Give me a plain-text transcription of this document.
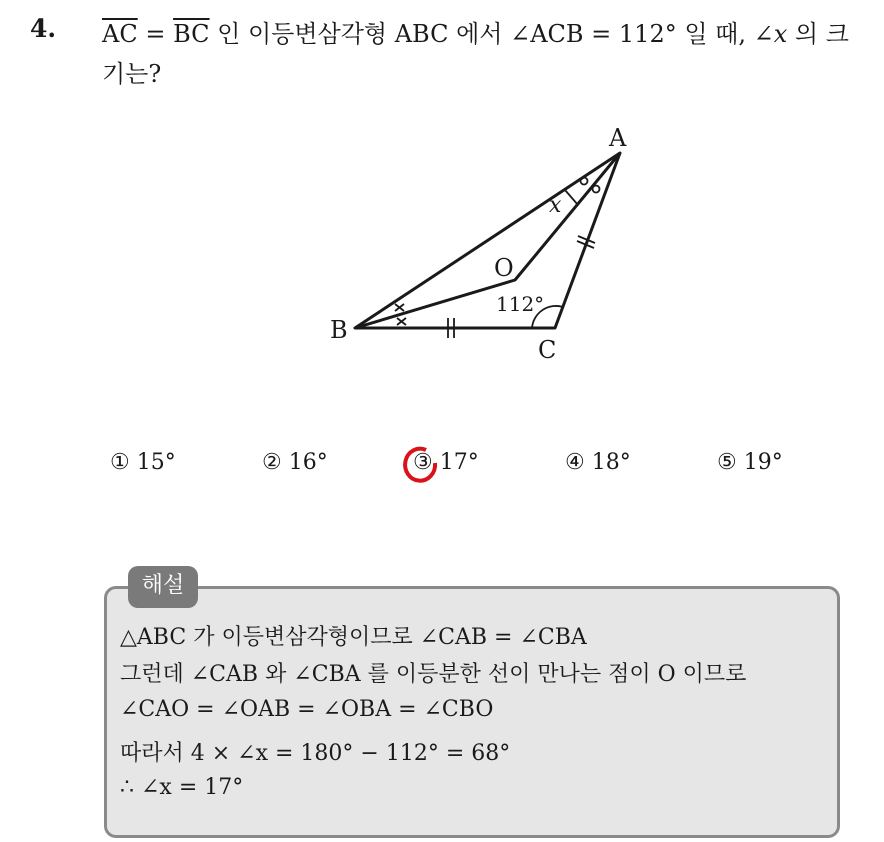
4. $\overline{AC} = \overline{BC}$ 인 이등변삼각형 ABC 에서 ∠ACB = 112° 일 때, ∠x 의 크기는?
A
B
C
O
x
112°
① 15°	② 16°	③ 17°	④ 18°	⑤ 19°
해설
△ABC 가 이등변삼각형이므로 ∠CAB = ∠CBA
그런데 ∠CAB 와 ∠CBA 를 이등분한 선이 만나는 점이 O 이므로
∠CAO = ∠OAB = ∠OBA = ∠CBO
따라서 4 × ∠x = 180° − 112° = 68°
∴ ∠x = 17°
